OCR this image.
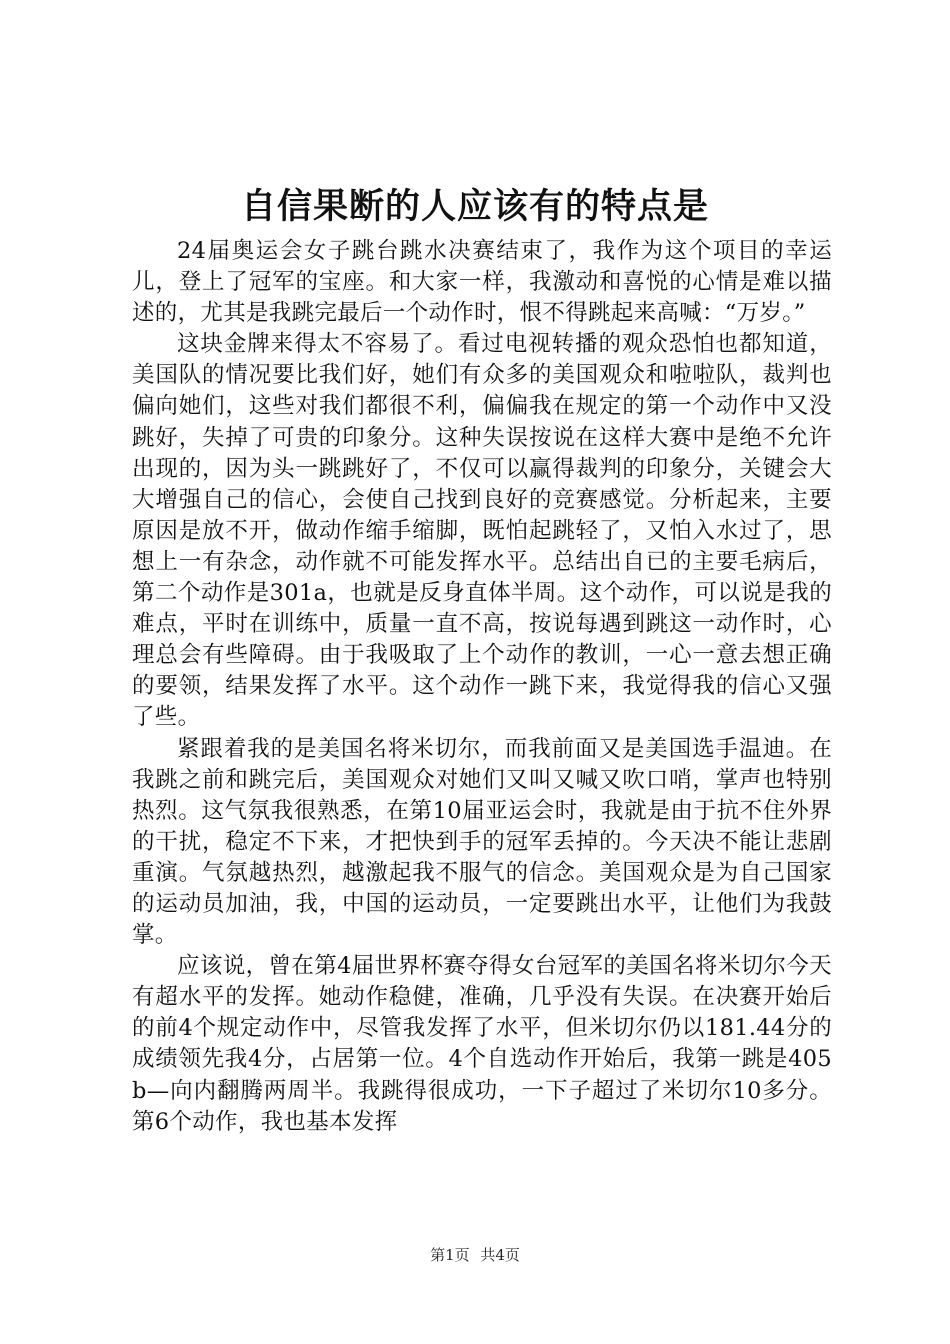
自信果断的人应该有的特点是

24届奥运会女子跳台跳水决赛结束了，我作为这个项目的幸运儿，登上了冠军的宝座。和大家一样，我激动和喜悦的心情是难以描述的，尤其是我跳完最后一个动作时，恨不得跳起来高喊：“万岁。”

这块金牌来得太不容易了。看过电视转播的观众恐怕也都知道，美国队的情况要比我们好，她们有众多的美国观众和啦啦队，裁判也偏向她们，这些对我们都很不利，偏偏我在规定的第一个动作中又没跳好，失掉了可贵的印象分。这种失误按说在这样大赛中是绝不允许出现的，因为头一跳跳好了，不仅可以赢得裁判的印象分，关键会大大增强自己的信心，会使自己找到良好的竞赛感觉。分析起来，主要原因是放不开，做动作缩手缩脚，既怕起跳轻了，又怕入水过了，思想上一有杂念，动作就不可能发挥水平。总结出自已的主要毛病后，第二个动作是301a，也就是反身直体半周。这个动作，可以说是我的难点，平时在训练中，质量一直不高，按说每遇到跳这一动作时，心理总会有些障碍。由于我吸取了上个动作的教训，一心一意去想正确的要领，结果发挥了水平。这个动作一跳下来，我觉得我的信心又强了些。

紧跟着我的是美国名将米切尔，而我前面又是美国选手温迪。在我跳之前和跳完后，美国观众对她们又叫又喊又吹口哨，掌声也特别热烈。这气氛我很熟悉，在第10届亚运会时，我就是由于抗不住外界的干扰，稳定不下来，才把快到手的冠军丢掉的。今天决不能让悲剧重演。气氛越热烈，越激起我不服气的信念。美国观众是为自己国家的运动员加油，我，中国的运动员，一定要跳出水平，让他们为我鼓掌。

应该说，曾在第4届世界杯赛夺得女台冠军的美国名将米切尔今天有超水平的发挥。她动作稳健，准确，几乎没有失误。在决赛开始后的前4个规定动作中，尽管我发挥了水平，但米切尔仍以181.44分的成绩领先我4分，占居第一位。4个自选动作开始后，我第一跳是405b—向内翻腾两周半。我跳得很成功，一下子超过了米切尔10多分。第6个动作，我也基本发挥

第1页 共4页
